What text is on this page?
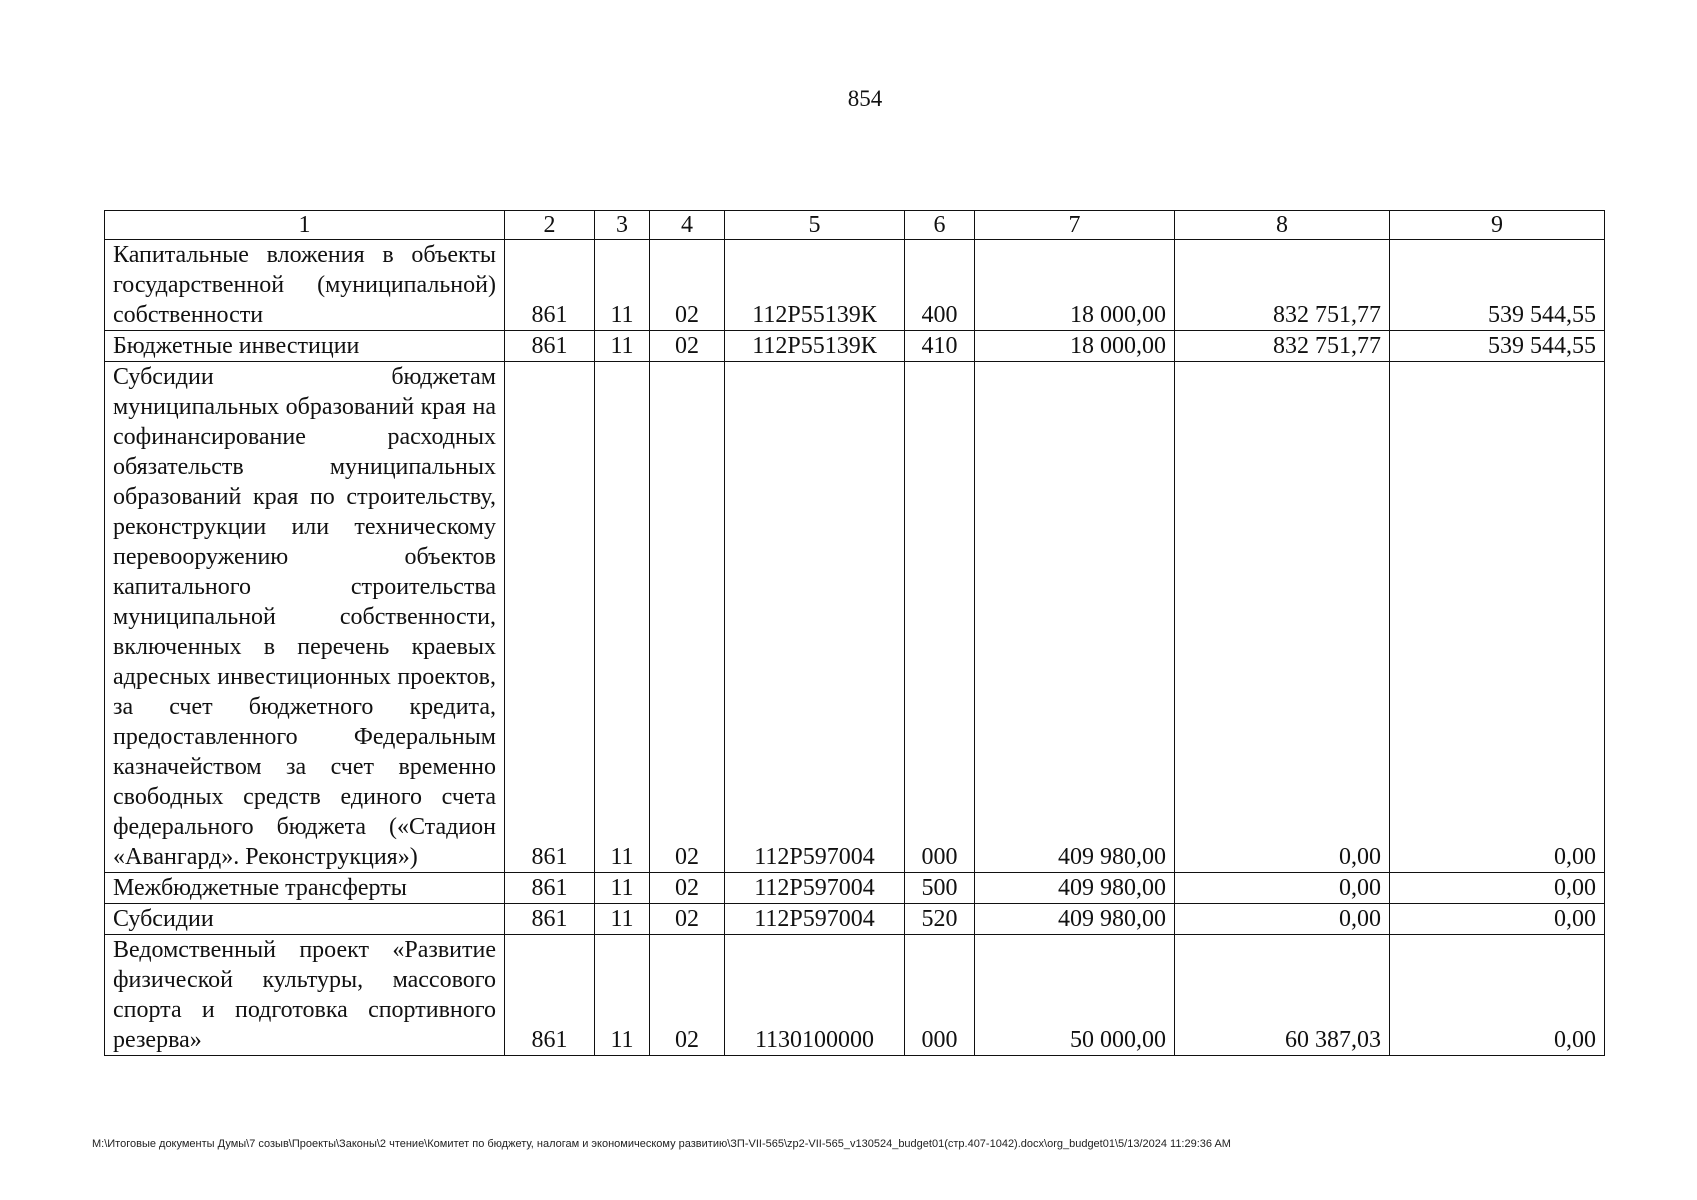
854
1	2	3	4	5	6	7	8	9
Капитальные вложения в объекты государственной (муниципальной) собственности	861	11	02	112Р55139К	400	18 000,00	832 751,77	539 544,55
Бюджетные инвестиции	861	11	02	112Р55139К	410	18 000,00	832 751,77	539 544,55
Субсидии бюджетам муниципальных образований края на софинансирование расходных обязательств муниципальных образований края по строительству, реконструкции или техническому перевооружению объектов капитального строительства муниципальной собственности, включенных в перечень краевых адресных инвестиционных проектов, за счет бюджетного кредита, предоставленного Федеральным казначейством за счет временно свободных средств единого счета федерального бюджета («Стадион «Авангард». Реконструкция»)	861	11	02	112Р597004	000	409 980,00	0,00	0,00
Межбюджетные трансферты	861	11	02	112Р597004	500	409 980,00	0,00	0,00
Субсидии	861	11	02	112Р597004	520	409 980,00	0,00	0,00
Ведомственный проект «Развитие физической культуры, массового спорта и подготовка спортивного резерва»	861	11	02	1130100000	000	50 000,00	60 387,03	0,00
M:\Итоговые документы Думы\7 созыв\Проекты\Законы\2 чтение\Комитет по бюджету, налогам и экономическому развитию\ЗП-VII-565\zp2-VII-565_v130524_budget01(стр.407-1042).docx\org_budget01\5/13/2024 11:29:36 AM
